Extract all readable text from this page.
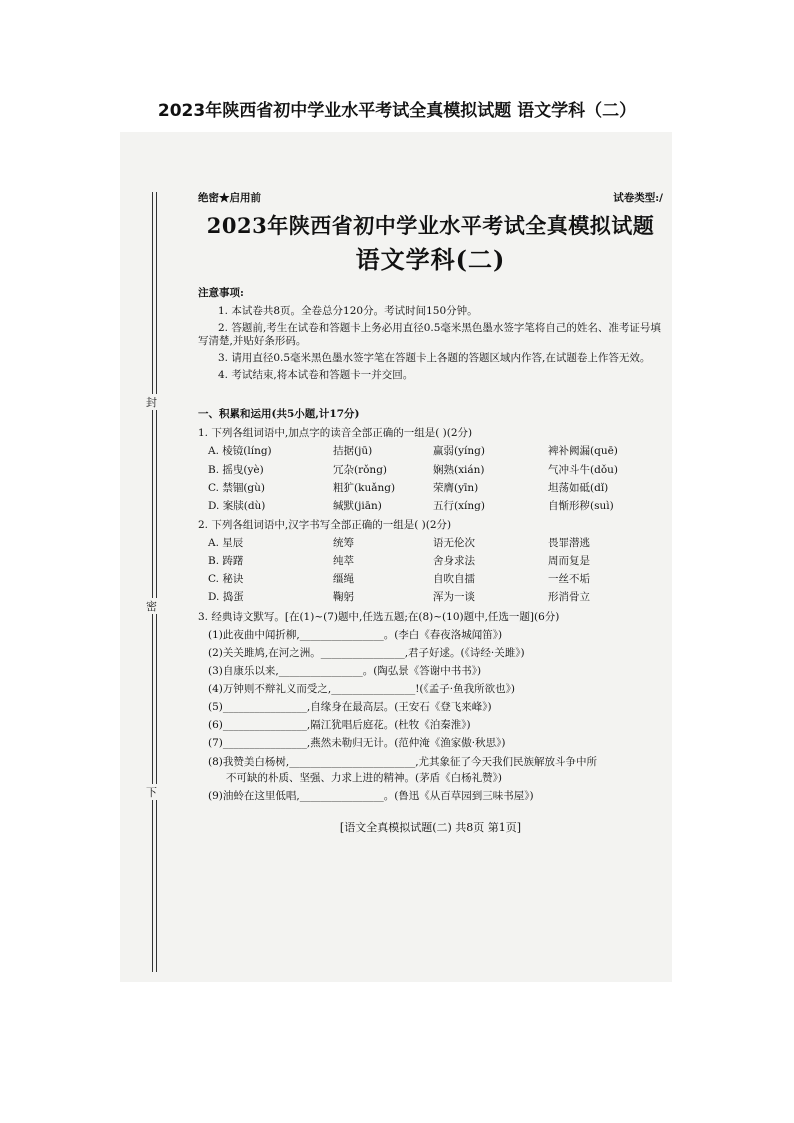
2023年陕西省初中学业水平考试全真模拟试题 语文学科（二）
封
密
下
绝密★启用前	试卷类型:/
2023年陕西省初中学业水平考试全真模拟试题
语文学科(二)
注意事项:
1. 本试卷共8页。全卷总分120分。考试时间150分钟。
2. 答题前,考生在试卷和答题卡上务必用直径0.5毫米黑色墨水签字笔将自己的姓名、准考证号填写清楚,并贴好条形码。
3. 请用直径0.5毫米黑色墨水签字笔在答题卡上各题的答题区域内作答,在试题卷上作答无效。
4. 考试结束,将本试卷和答题卡一并交回。
一、积累和运用(共5小题,计17分)
1. 下列各组词语中,加点字的读音全部正确的一组是( )(2分)
A. 棱镜(líng)	拮据(jū)	赢弱(yíng)	裨补阙漏(quē)
B. 摇曳(yè)	冗杂(rǒng)	娴熟(xián)	气冲斗牛(dǒu)
C. 禁锢(gù)	粗犷(kuǎng)	荣膺(yīn)	坦荡如砥(dǐ)
D. 案牍(dù)	缄默(jiān)	五行(xíng)	自惭形秽(suì)
2. 下列各组词语中,汉字书写全部正确的一组是( )(2分)
A. 星辰	统筹	语无伦次	畏罪潜逃
B. 踌躇	纯萃	舍身求法	周而复是
C. 秘诀	缰绳	自吹自擂	一丝不垢
D. 捣蛋	鞠躬	浑为一谈	形消骨立
3. 经典诗文默写。[在(1)~(7)题中,任选五题;在(8)~(10)题中,任选一题](6分)
(1)此夜曲中闻折柳,________________。(李白《春夜洛城闻笛》)
(2)关关雎鸠,在河之洲。________________,君子好逑。(《诗经·关雎》)
(3)自康乐以来,________________。(陶弘景《答谢中书书》)
(4)万钟则不辩礼义而受之,________________!(《孟子·鱼我所欲也》)
(5)________________,自缘身在最高层。(王安石《登飞来峰》)
(6)________________,隔江犹唱后庭花。(杜牧《泊秦淮》)
(7)________________,燕然未勒归无计。(范仲淹《渔家傲·秋思》)
(8)我赞美白杨树,________________________,尤其象征了今天我们民族解放斗争中所
不可缺的朴质、坚强、力求上进的精神。(茅盾《白杨礼赞》)
(9)油蛉在这里低唱,________________。(鲁迅《从百草园到三味书屋》)
[语文全真模拟试题(二) 共8页 第1页]
